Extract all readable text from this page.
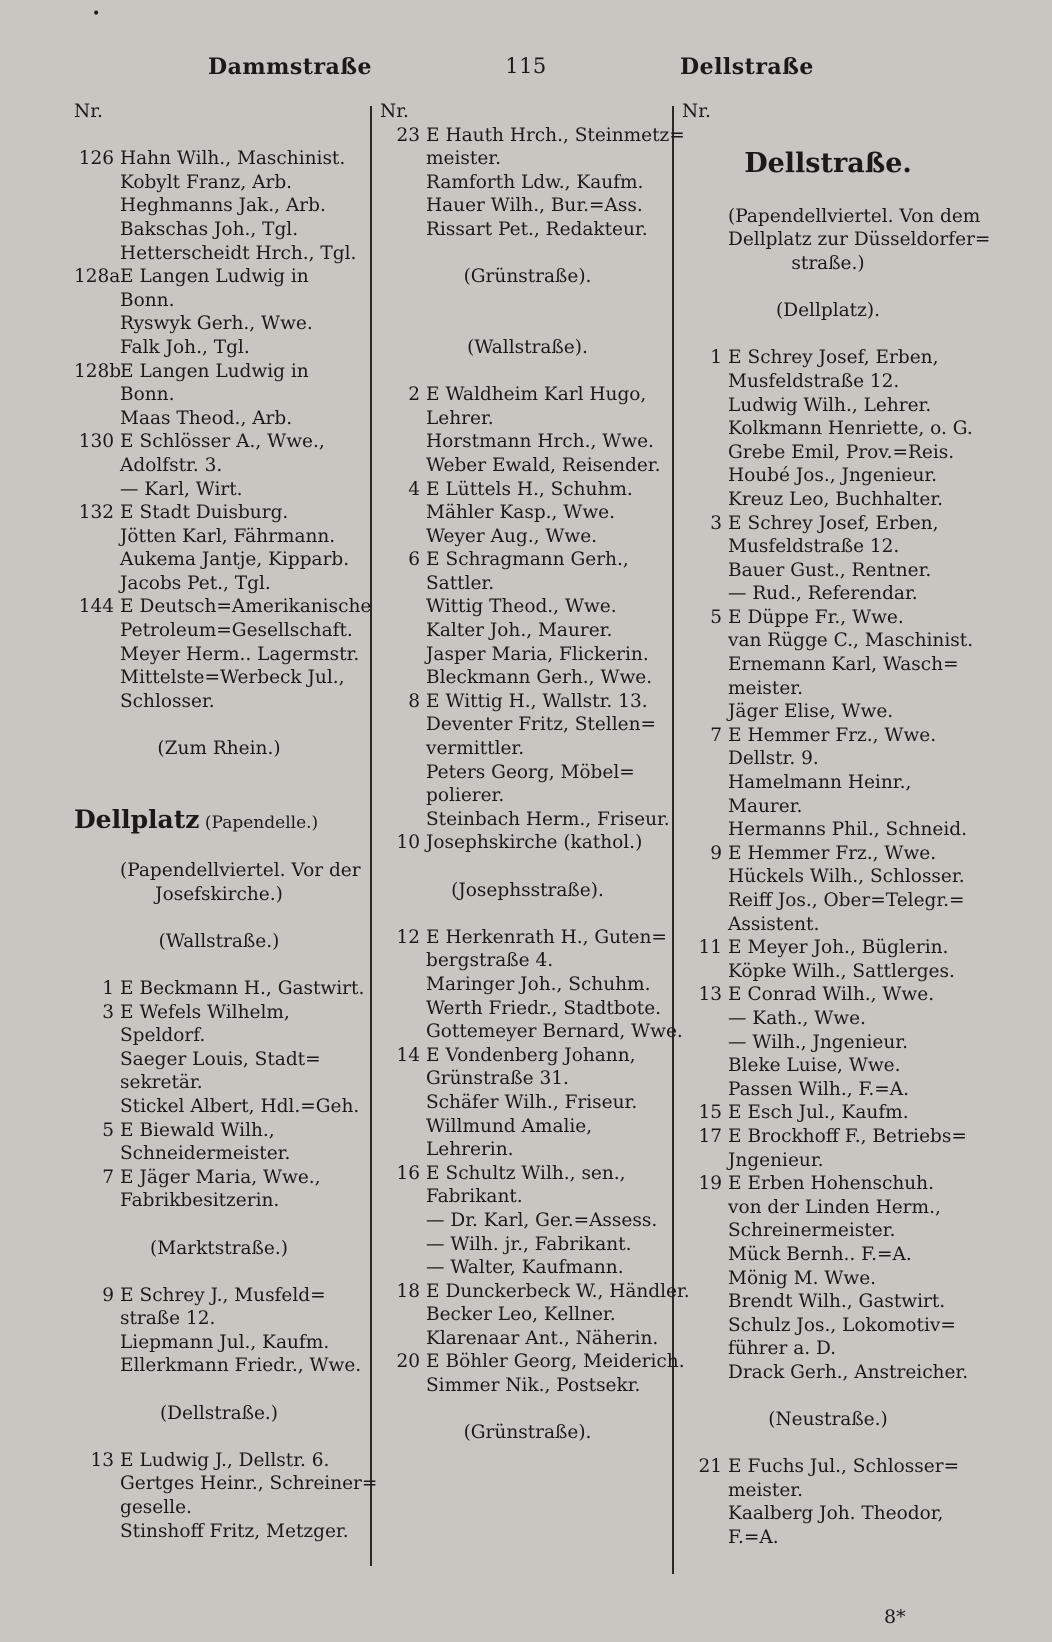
•
Dammstraße	115	Dellstraße
Nr.
126 Hahn Wilh., Maschinist.
Kobylt Franz, Arb.
Heghmanns Jak., Arb.
Bakschas Joh., Tgl.
Hetterscheidt Hrch., Tgl.
128aE Langen Ludwig in
Bonn.
Ryswyk Gerh., Wwe.
Falk Joh., Tgl.
128bE Langen Ludwig in
Bonn.
Maas Theod., Arb.
130 E Schlösser A., Wwe.,
Adolfstr. 3.
— Karl, Wirt.
132 E Stadt Duisburg.
Jötten Karl, Fährmann.
Aukema Jantje, Kipparb.
Jacobs Pet., Tgl.
144 E Deutsch=Amerikanische
Petroleum=Gesellschaft.
Meyer Herm.. Lagermstr.
Mittelste=Werbeck Jul.,
Schlosser.
(Zum Rhein.)
Dellplatz (Papendelle.)
(Papendellviertel. Vor der
Josefskirche.)
(Wallstraße.)
1 E Beckmann H., Gastwirt.
3 E Wefels Wilhelm,
Speldorf.
Saeger Louis, Stadt=
sekretär.
Stickel Albert, Hdl.=Geh.
5 E Biewald Wilh.,
Schneidermeister.
7 E Jäger Maria, Wwe.,
Fabrikbesitzerin.
(Marktstraße.)
9 E Schrey J., Musfeld=
straße 12.
Liepmann Jul., Kaufm.
Ellerkmann Friedr., Wwe.
(Dellstraße.)
13 E Ludwig J., Dellstr. 6.
Gertges Heinr., Schreiner=
geselle.
Stinshoff Fritz, Metzger.
Nr.
23 E Hauth Hrch., Steinmetz=
meister.
Ramforth Ldw., Kaufm.
Hauer Wilh., Bur.=Ass.
Rissart Pet., Redakteur.
(Grünstraße).
(Wallstraße).
2 E Waldheim Karl Hugo,
Lehrer.
Horstmann Hrch., Wwe.
Weber Ewald, Reisender.
4 E Lüttels H., Schuhm.
Mähler Kasp., Wwe.
Weyer Aug., Wwe.
6 E Schragmann Gerh.,
Sattler.
Wittig Theod., Wwe.
Kalter Joh., Maurer.
Jasper Maria, Flickerin.
Bleckmann Gerh., Wwe.
8 E Wittig H., Wallstr. 13.
Deventer Fritz, Stellen=
vermittler.
Peters Georg, Möbel=
polierer.
Steinbach Herm., Friseur.
10 Josephskirche (kathol.)
(Josephsstraße).
12 E Herkenrath H., Guten=
bergstraße 4.
Maringer Joh., Schuhm.
Werth Friedr., Stadtbote.
Gottemeyer Bernard, Wwe.
14 E Vondenberg Johann,
Grünstraße 31.
Schäfer Wilh., Friseur.
Willmund Amalie,
Lehrerin.
16 E Schultz Wilh., sen.,
Fabrikant.
— Dr. Karl, Ger.=Assess.
— Wilh. jr., Fabrikant.
— Walter, Kaufmann.
18 E Dunckerbeck W., Händler.
Becker Leo, Kellner.
Klarenaar Ant., Näherin.
20 E Böhler Georg, Meiderich.
Simmer Nik., Postsekr.
(Grünstraße).
Nr.
Dellstraße.
(Papendellviertel. Von dem
Dellplatz zur Düsseldorfer=
straße.)
(Dellplatz).
1 E Schrey Josef, Erben,
Musfeldstraße 12.
Ludwig Wilh., Lehrer.
Kolkmann Henriette, o. G.
Grebe Emil, Prov.=Reis.
Houbé Jos., Jngenieur.
Kreuz Leo, Buchhalter.
3 E Schrey Josef, Erben,
Musfeldstraße 12.
Bauer Gust., Rentner.
— Rud., Referendar.
5 E Düppe Fr., Wwe.
van Rügge C., Maschinist.
Ernemann Karl, Wasch=
meister.
Jäger Elise, Wwe.
7 E Hemmer Frz., Wwe.
Dellstr. 9.
Hamelmann Heinr.,
Maurer.
Hermanns Phil., Schneid.
9 E Hemmer Frz., Wwe.
Hückels Wilh., Schlosser.
Reiff Jos., Ober=Telegr.=
Assistent.
11 E Meyer Joh., Büglerin.
Köpke Wilh., Sattlerges.
13 E Conrad Wilh., Wwe.
— Kath., Wwe.
— Wilh., Jngenieur.
Bleke Luise, Wwe.
Passen Wilh., F.=A.
15 E Esch Jul., Kaufm.
17 E Brockhoff F., Betriebs=
Jngenieur.
19 E Erben Hohenschuh.
von der Linden Herm.,
Schreinermeister.
Mück Bernh.. F.=A.
Mönig M. Wwe.
Brendt Wilh., Gastwirt.
Schulz Jos., Lokomotiv=
führer a. D.
Drack Gerh., Anstreicher.
(Neustraße.)
21 E Fuchs Jul., Schlosser=
meister.
Kaalberg Joh. Theodor,
F.=A.
8*
